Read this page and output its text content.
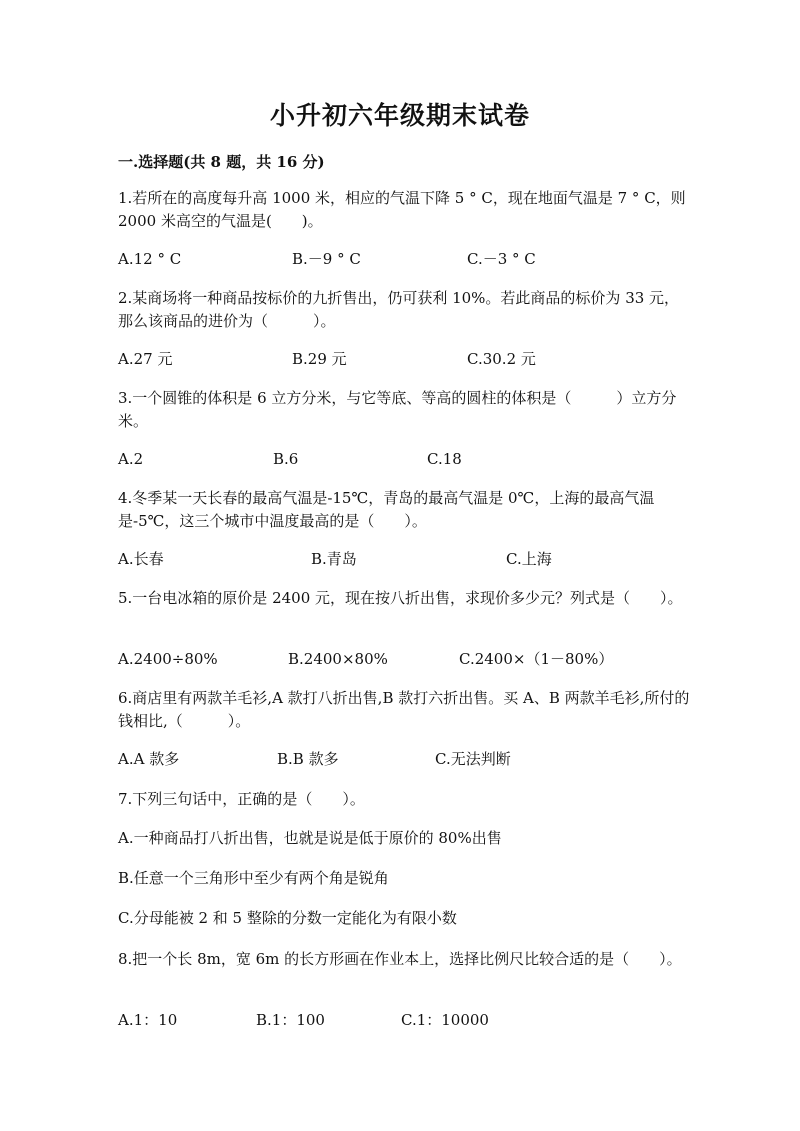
小升初六年级期末试卷
一.选择题(共 8 题，共 16 分)
1.若所在的高度每升高 1000 米，相应的气温下降 5 ° C，现在地面气温是 7 ° C，则 2000 米高空的气温是(　　)。
A.12 ° C	B.－9 ° C	C.－3 ° C
2.某商场将一种商品按标价的九折售出，仍可获利 10%。若此商品的标价为 33 元，那么该商品的进价为（　　　）。
A.27 元	B.29 元	C.30.2 元
3.一个圆锥的体积是 6 立方分米，与它等底、等高的圆柱的体积是（　　　）立方分米。
A.2	B.6	C.18
4.冬季某一天长春的最高气温是-15℃，青岛的最高气温是 0℃，上海的最高气温是-5℃，这三个城市中温度最高的是（　　）。
A.长春	B.青岛	C.上海
5.一台电冰箱的原价是 2400 元，现在按八折出售，求现价多少元？列式是（　　）。
A.2400÷80%	B.2400×80%	C.2400×（1－80%）
6.商店里有两款羊毛衫,A 款打八折出售,B 款打六折出售。买 A、B 两款羊毛衫,所付的钱相比,（　　　）。
A.A 款多	B.B 款多	C.无法判断
7.下列三句话中，正确的是（　　）。
A.一种商品打八折出售，也就是说是低于原价的 80%出售
B.任意一个三角形中至少有两个角是锐角
C.分母能被 2 和 5 整除的分数一定能化为有限小数
8.把一个长 8m，宽 6m 的长方形画在作业本上，选择比例尺比较合适的是（　　）。
A.1：10	B.1：100	C.1：10000
